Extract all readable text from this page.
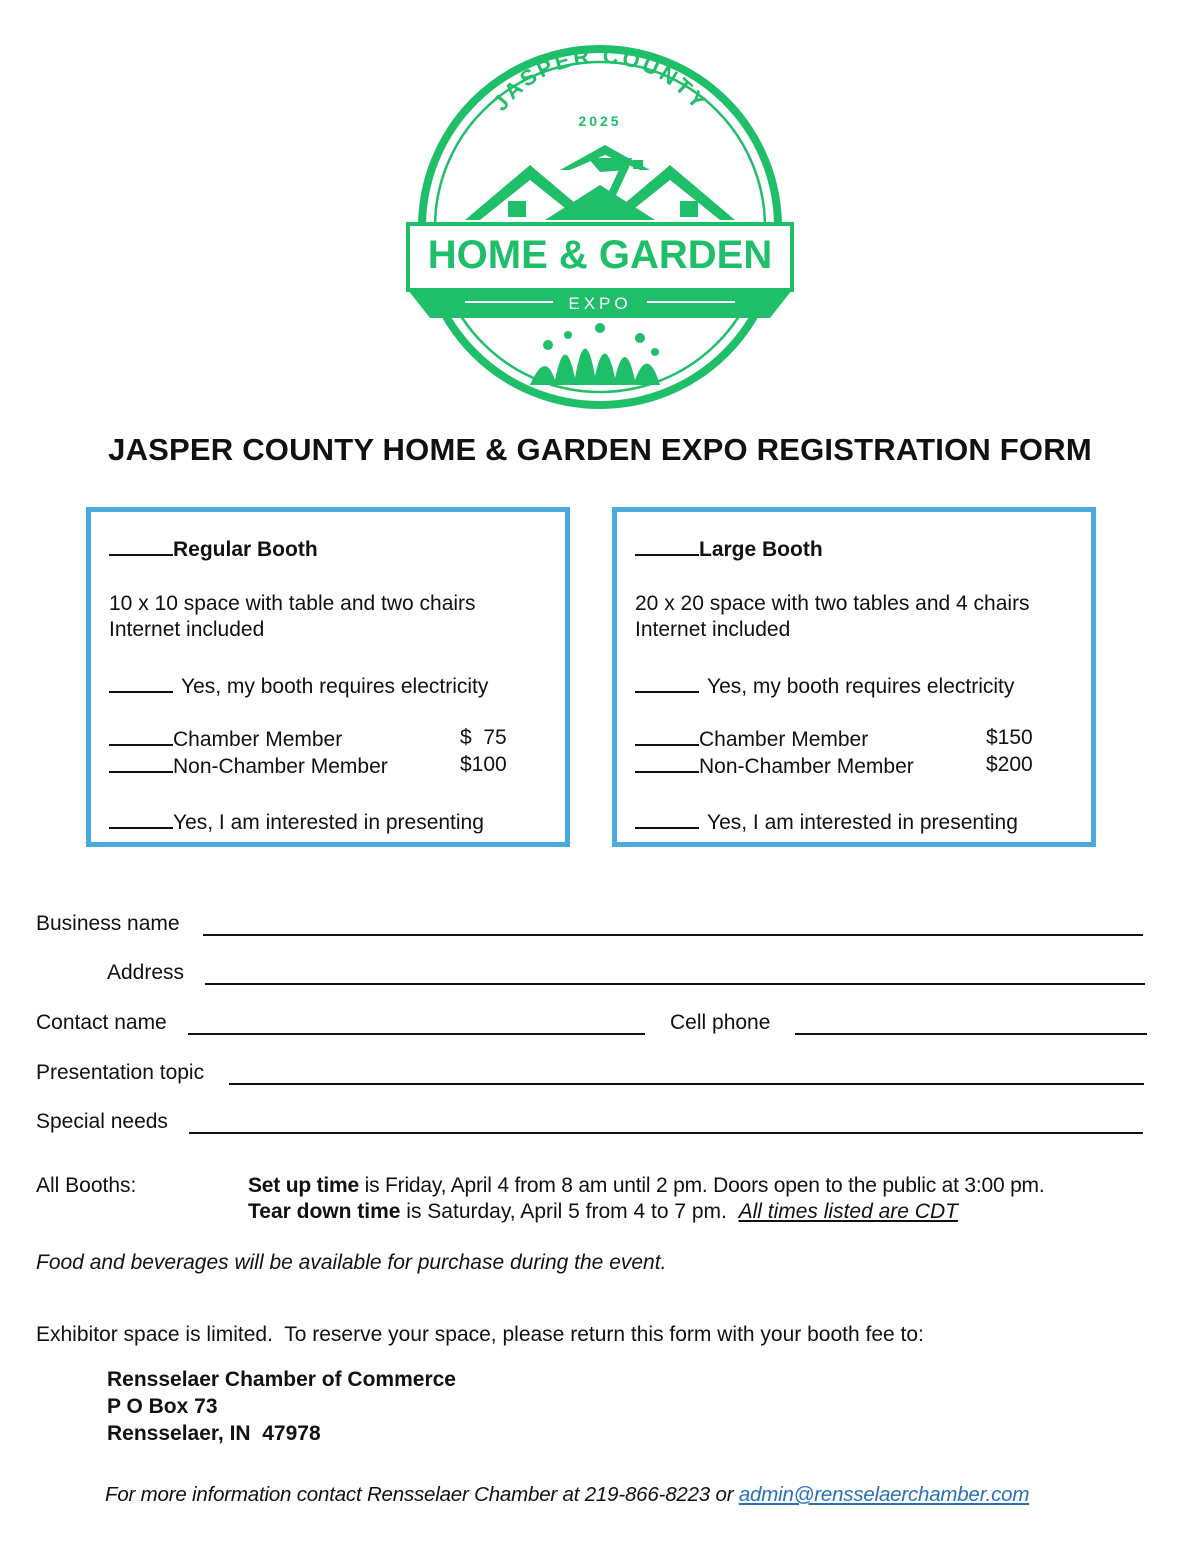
JASPER COUNTY
2025
HOME & GARDEN
EXPO
JASPER COUNTY HOME & GARDEN EXPO REGISTRATION FORM
Regular Booth
10 x 10 space with table and two chairs
Internet included
Yes, my booth requires electricity
Chamber Member	$  75
Non-Chamber Member	$100
Yes, I am interested in presenting
Large Booth
20 x 20 space with two tables and 4 chairs
Internet included
Yes, my booth requires electricity
Chamber Member	$150
Non-Chamber Member	$200
Yes, I am interested in presenting
Business name
Address
Contact name	Cell phone
Presentation topic
Special needs
All Booths:	Set up time is Friday, April 4 from 8 am until 2 pm. Doors open to the public at 3:00 pm.
Tear down time is Saturday, April 5 from 4 to 7 pm.  All times listed are CDT
Food and beverages will be available for purchase during the event.
Exhibitor space is limited.  To reserve your space, please return this form with your booth fee to:
Rensselaer Chamber of Commerce
P O Box 73
Rensselaer, IN  47978
For more information contact Rensselaer Chamber at 219-866-8223 or admin@rensselaerchamber.com
